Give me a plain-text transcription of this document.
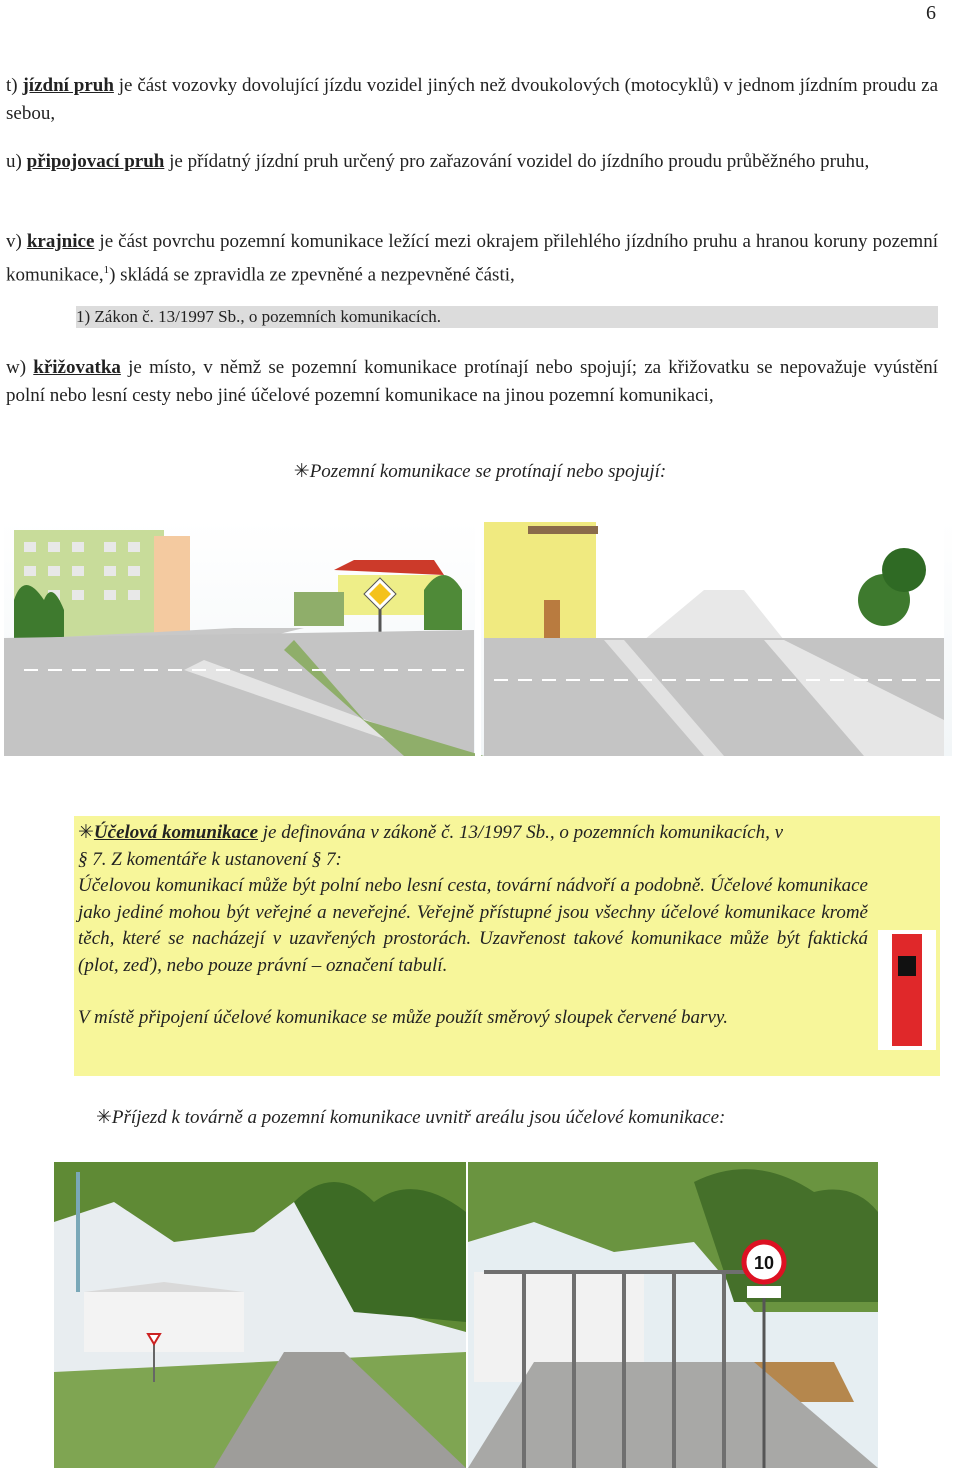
6
t) jízdní pruh je část vozovky dovolující jízdu vozidel jiných než dvoukolových (motocyklů) v jednom jízdním proudu za sebou,
u) připojovací pruh je přídatný jízdní pruh určený pro zařazování vozidel do jízdního proudu průběžného pruhu,
v) krajnice je část povrchu pozemní komunikace ležící mezi okrajem přilehlého jízdního pruhu a hranou koruny pozemní komunikace,$^1$) skládá se zpravidla ze zpevněné a nezpevněné části,
1) Zákon č. 13/1997 Sb., o pozemních komunikacích.
w) křižovatka je místo, v němž se pozemní komunikace protínají nebo spojují; za křižovatku se nepovažuje vyústění polní nebo lesní cesty nebo jiné účelové pozemní komunikace na jinou pozemní komunikaci,
✳Pozemní komunikace se protínají nebo spojují:
✳Účelová komunikace je definována v zákoně č. 13/1997 Sb., o pozemních komunikacích, v
§ 7. Z komentáře k ustanovení § 7:
Účelovou komunikací může být polní nebo lesní cesta, tovární nádvoří a podobně. Účelové komunikace jako jediné mohou být veřejné a neveřejné. Veřejně přístupné jsou všechny účelové komunikace kromě těch, které se nacházejí v uzavřených prostorách. Uzavřenost takové komunikace může být faktická (plot, zeď), nebo pouze právní – označení tabulí.
V místě připojení účelové komunikace se může použít směrový sloupek červené barvy.
✳Příjezd k továrně a pozemní komunikace uvnitř areálu jsou účelové komunikace:
10
